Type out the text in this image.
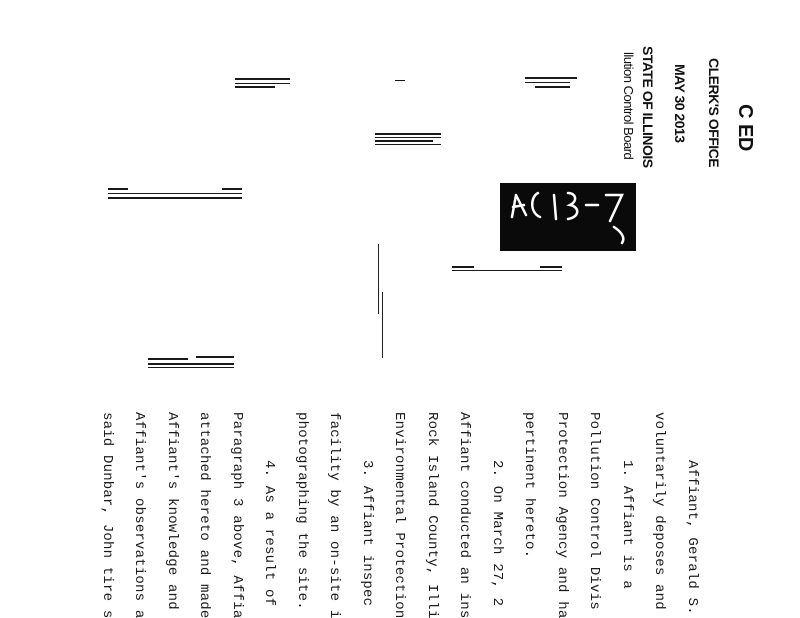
C
ED
CLERK'S OFFICE
MAY 30 2013
STATE OF ILLINOIS
llution Control Board
Affiant, Gerald S.
voluntarily deposes and
1. Affiant is a
Pollution Control Divis
Protection Agency and ha
pertinent hereto.
2. On March 27, 2
Affiant conducted an ins
Rock Island County, Illi
Environmental Protection
3. Affiant inspec
facility by an on-site i
photographing the site.
4. As a result of
Paragraph 3 above, Affia
attached hereto and made
Affiant's knowledge and
Affiant's observations a
said Dunbar, John tire s
